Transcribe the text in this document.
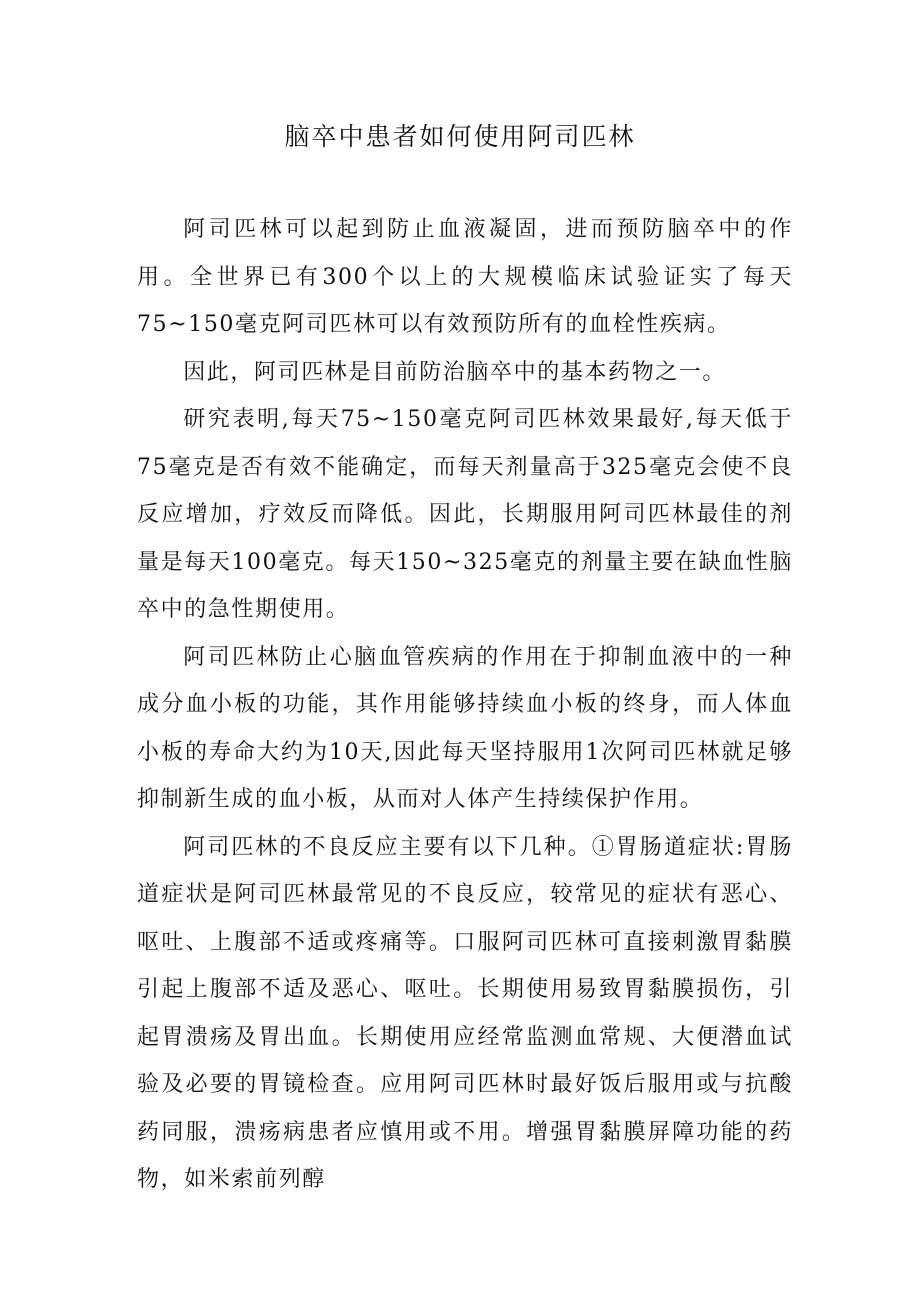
脑卒中患者如何使用阿司匹林

阿司匹林可以起到防止血液凝固，进而预防脑卒中的作用。全世界已有300个以上的大规模临床试验证实了每天75~150毫克阿司匹林可以有效预防所有的血栓性疾病。

因此，阿司匹林是目前防治脑卒中的基本药物之一。

研究表明,每天75~150毫克阿司匹林效果最好,每天低于75毫克是否有效不能确定，而每天剂量高于325毫克会使不良反应增加，疗效反而降低。因此，长期服用阿司匹林最佳的剂量是每天100毫克。每天150~325毫克的剂量主要在缺血性脑卒中的急性期使用。

阿司匹林防止心脑血管疾病的作用在于抑制血液中的一种成分血小板的功能，其作用能够持续血小板的终身，而人体血小板的寿命大约为10天,因此每天坚持服用1次阿司匹林就足够抑制新生成的血小板，从而对人体产生持续保护作用。

阿司匹林的不良反应主要有以下几种。①胃肠道症状:胃肠道症状是阿司匹林最常见的不良反应，较常见的症状有恶心、呕吐、上腹部不适或疼痛等。口服阿司匹林可直接刺激胃黏膜引起上腹部不适及恶心、呕吐。长期使用易致胃黏膜损伤，引起胃溃疡及胃出血。长期使用应经常监测血常规、大便潜血试验及必要的胃镜检查。应用阿司匹林时最好饭后服用或与抗酸药同服，溃疡病患者应慎用或不用。增强胃黏膜屏障功能的药物，如米索前列醇
